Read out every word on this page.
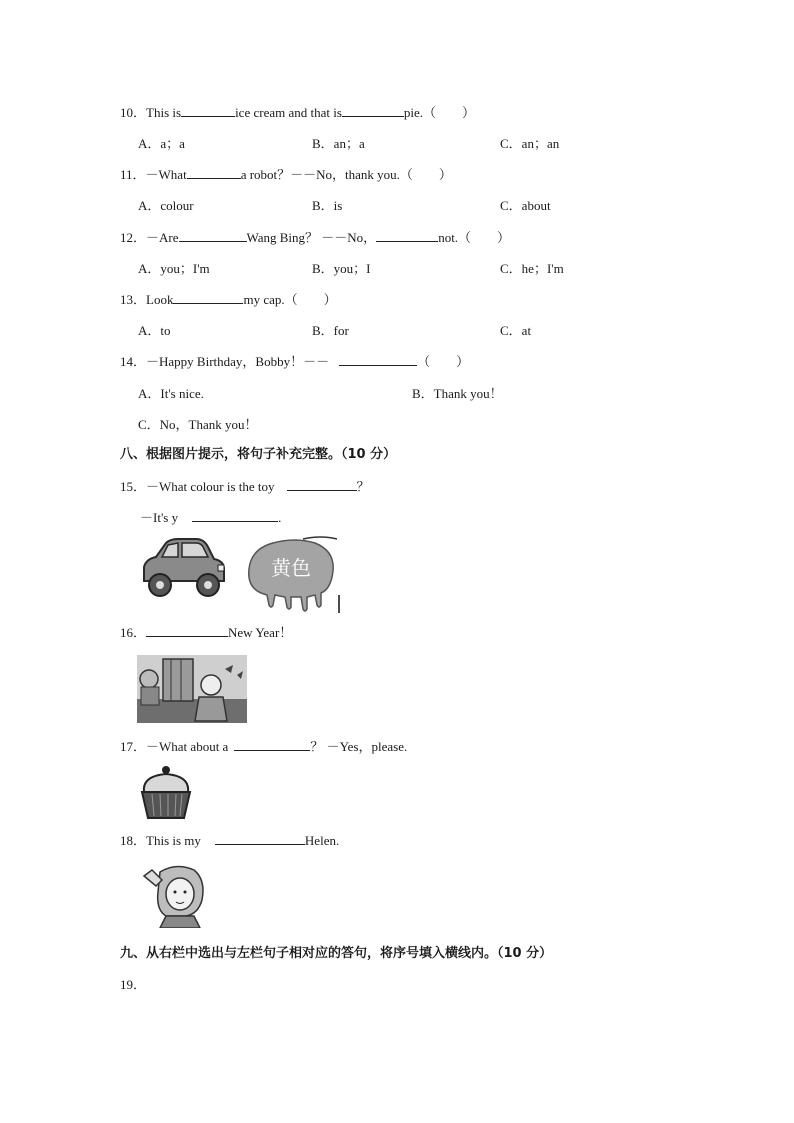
10．This is	ice cream and that is	pie.（　　）
A．a；a	B．an；a	C．an；an
11．－What	a robot？－－No，thank you.（　　）
A．colour	B．is	C．about
12．－Are	Wang Bing？ －－No，	not.（　　）
A．you；I'm	B．you；I	C．he；I'm
13．Look	my cap.（　　）
A．to	B．for	C．at
14．－Happy Birthday，Bobby！－－	（　　）
A．It's nice.	B．Thank you！
C．No，Thank you！
八、根据图片提示，将句子补充完整。（10 分）
15．－What colour is the toy	？
－It's y	.
黄色
16．	New Year！
17．－What about a	？ －Yes，please.
18．This is my	Helen.
九、从右栏中选出与左栏句子相对应的答句，将序号填入横线内。（10 分）
19．
